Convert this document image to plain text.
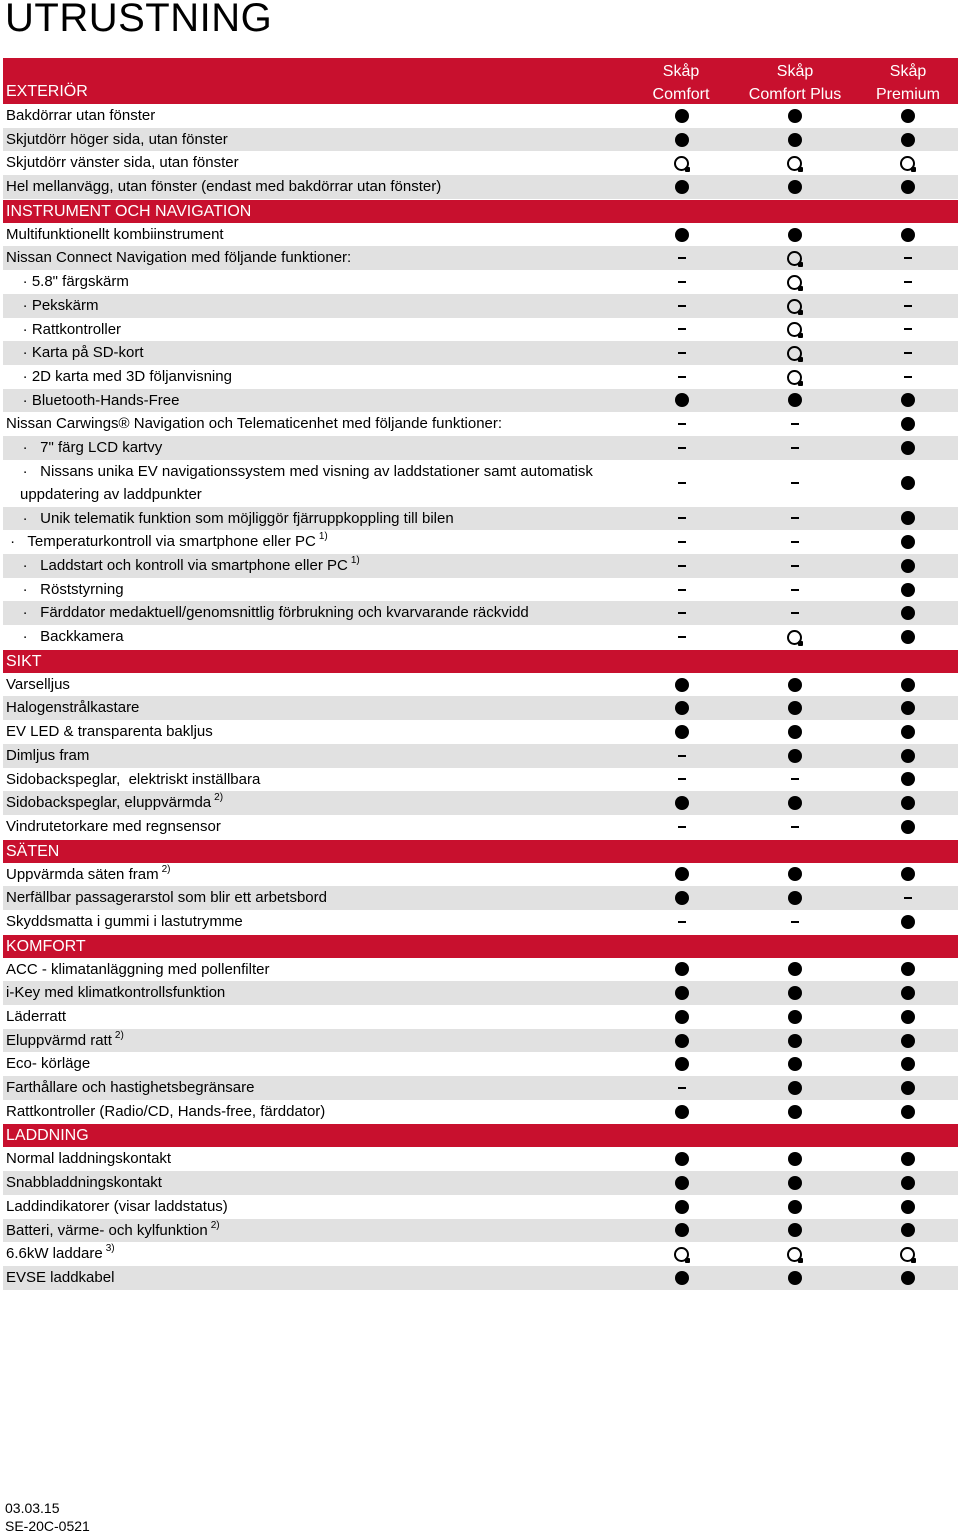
UTRUSTNING
EXTERIÖR
Skåp
Comfort
Skåp
Comfort Plus
Skåp
Premium
Bakdörrar utan fönster
Skjutdörr höger sida, utan fönster
Skjutdörr vänster sida, utan fönster
Hel mellanvägg, utan fönster (endast med bakdörrar utan fönster)
INSTRUMENT OCH NAVIGATION
Multifunktionellt kombiinstrument
Nissan Connect Navigation med följande funktioner:
· 5.8" färgskärm
· Pekskärm
· Rattkontroller
· Karta på SD-kort
· 2D karta med 3D följanvisning
· Bluetooth-Hands-Free
Nissan Carwings® Navigation och Telematicenhet med följande funktioner:
·   7" färg LCD kartvy
·   Nissans unika EV navigationssystem med visning av laddstationer samt automatisk
uppdatering av laddpunkter
·   Unik telematik funktion som möjliggör fjärruppkoppling till bilen
·   Temperaturkontroll via smartphone eller PC $^{1)}$
·   Laddstart och kontroll via smartphone eller PC $^{1)}$
·   Röststyrning
·   Färddator medaktuell/genomsnittlig förbrukning och kvarvarande räckvidd
·   Backkamera
SIKT
Varselljus
Halogenstrålkastare
EV LED & transparenta bakljus
Dimljus fram
Sidobackspeglar,  elektriskt inställbara
Sidobackspeglar, eluppvärmda $^{2)}$
Vindrutetorkare med regnsensor
SÄTEN
Uppvärmda säten fram $^{2)}$
Nerfällbar passagerarstol som blir ett arbetsbord
Skyddsmatta i gummi i lastutrymme
KOMFORT
ACC - klimatanläggning med pollenfilter
i-Key med klimatkontrollsfunktion
Läderratt
Eluppvärmd ratt $^{2)}$
Eco- körläge
Farthållare och hastighetsbegränsare
Rattkontroller (Radio/CD, Hands-free, färddator)
LADDNING
Normal laddningskontakt
Snabbladdningskontakt
Laddindikatorer (visar laddstatus)
Batteri, värme- och kylfunktion $^{2)}$
6.6kW laddare $^{3)}$
EVSE laddkabel
03.03.15
SE-20C-0521
